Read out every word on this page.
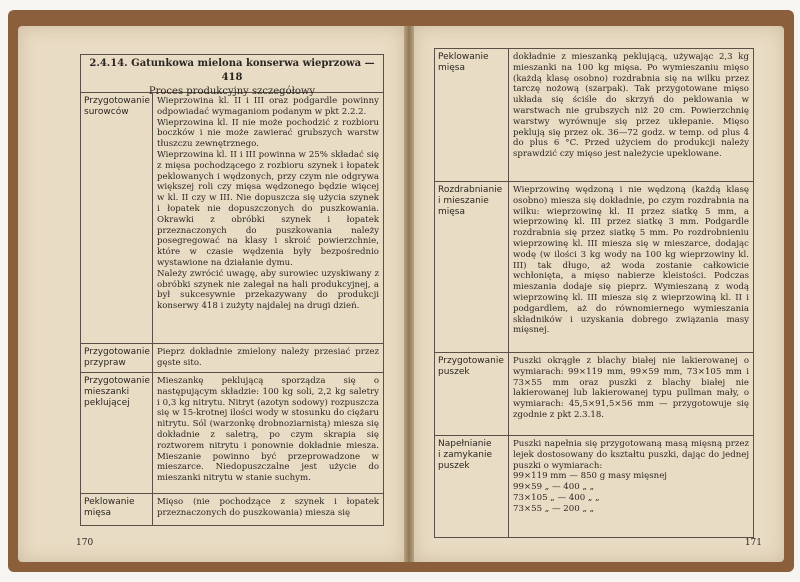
2.4.14. Gatunkowa mielona konserwa wieprzowa — 418
Proces produkcyjny szczegółowy
Przygotowanie
surowców
Wieprzowina kl. II i III oraz podgardle powinny odpowiadać wymaganiom podanym w pkt 2.2.2.
Wieprzowina kl. II nie może pochodzić z rozbioru boczków i nie może zawierać grubszych warstw tłuszczu zewnętrznego.
Wieprzowina kl. II i III powinna w 25% składać się z mięsa pochodzącego z rozbioru szynek i łopatek peklowanych i wędzonych, przy czym nie odgrywa większej roli czy mięsa wędzonego będzie więcej w kl. II czy w III. Nie dopuszcza się użycia szynek i łopatek nie dopuszczonych do puszkowania. Okrawki z obróbki szynek i łopatek przeznaczonych do puszkowania należy posegregować na klasy i skroić powierzchnie, które w czasie wędzenia były bezpośrednio wystawione na działanie dymu.
Należy zwrócić uwagę, aby surowiec uzyskiwany z obróbki szynek nie zalegał na hali produkcyjnej, a był sukcesywnie przekazywany do produkcji konserwy 418 i zużyty najdalej na drugi dzień.
Przygotowanie
przypraw
Pieprz dokładnie zmielony należy przesiać przez gęste sito.
Przygotowanie
mieszanki
peklującej
Mieszankę peklującą sporządza się o następującym składzie: 100 kg soli, 2,2 kg saletry i 0,3 kg nitrytu. Nitryt (azotyn sodowy) rozpuszcza się w 15-krotnej ilości wody w stosunku do ciężaru nitrytu. Sól (warzonkę drobnoziarnistą) miesza się dokładnie z saletrą, po czym skrapia się roztworem nitrytu i ponownie dokładnie miesza. Mieszanie powinno być przeprowadzone w mieszarce. Niedopuszczalne jest użycie do mieszanki nitrytu w stanie suchym.
Peklowanie
mięsa
Mięso (nie pochodzące z szynek i łopatek przeznaczonych do puszkowania) miesza się
170
Peklowanie
mięsa
dokładnie z mieszanką peklującą, używając 2,3 kg mieszanki na 100 kg mięsa. Po wymieszaniu mięso (każdą klasę osobno) rozdrabnia się na wilku przez tarczę nożową (szarpak). Tak przygotowane mięso układa się ściśle do skrzyń do peklowania w warstwach nie grubszych niż 20 cm. Powierzchnię warstwy wyrównuje się przez ukłepanie. Mięso peklują się przez ok. 36—72 godz. w temp. od plus 4 do plus 6 °C. Przed użyciem do produkcji należy sprawdzić czy mięso jest należycie upeklowane.
Rozdrabnianie
i mieszanie
mięsa
Wieprzowinę wędzoną i nie wędzoną (każdą klasę osobno) miesza się dokładnie, po czym rozdrabnia na wilku: wieprzowinę kl. II przez siatkę 5 mm, a wieprzowinę kl. III przez siatkę 3 mm. Podgardle rozdrabnia się przez siatkę 5 mm. Po rozdrobnieniu wieprzowinę kl. III miesza się w mieszarce, dodając wodę (w ilości 3 kg wody na 100 kg wieprzowiny kl. III) tak długo, aż woda zostanie całkowicie wchłonięta, a mięso nabierze kleistości. Podczas mieszania dodaje się pieprz. Wymieszaną z wodą wieprzowinę kl. III miesza się z wieprzowiną kl. II i podgardlem, aż do równomiernego wymieszania składników i uzyskania dobrego związania masy mięsnej.
Przygotowanie
puszek
Puszki okrągłe z blachy białej nie lakierowanej o wymiarach: 99×119 mm, 99×59 mm, 73×105 mm i 73×55 mm oraz puszki z blachy białej nie lakierowanej lub lakierowanej typu pullman mały, o wymiarach: 45,5×91,5×56 mm — przygotowuje się zgodnie z pkt 2.3.18.
Napełnianie
i zamykanie
puszek
Puszki napełnia się przygotowaną masą mięsną przez lejek dostosowany do kształtu puszki, dając do jednej puszki o wymiarach:
99×119 mm — 850 g masy mięsnej
99×59 „ — 400 „ „
73×105 „ — 400 „ „
73×55 „ — 200 „ „
171
